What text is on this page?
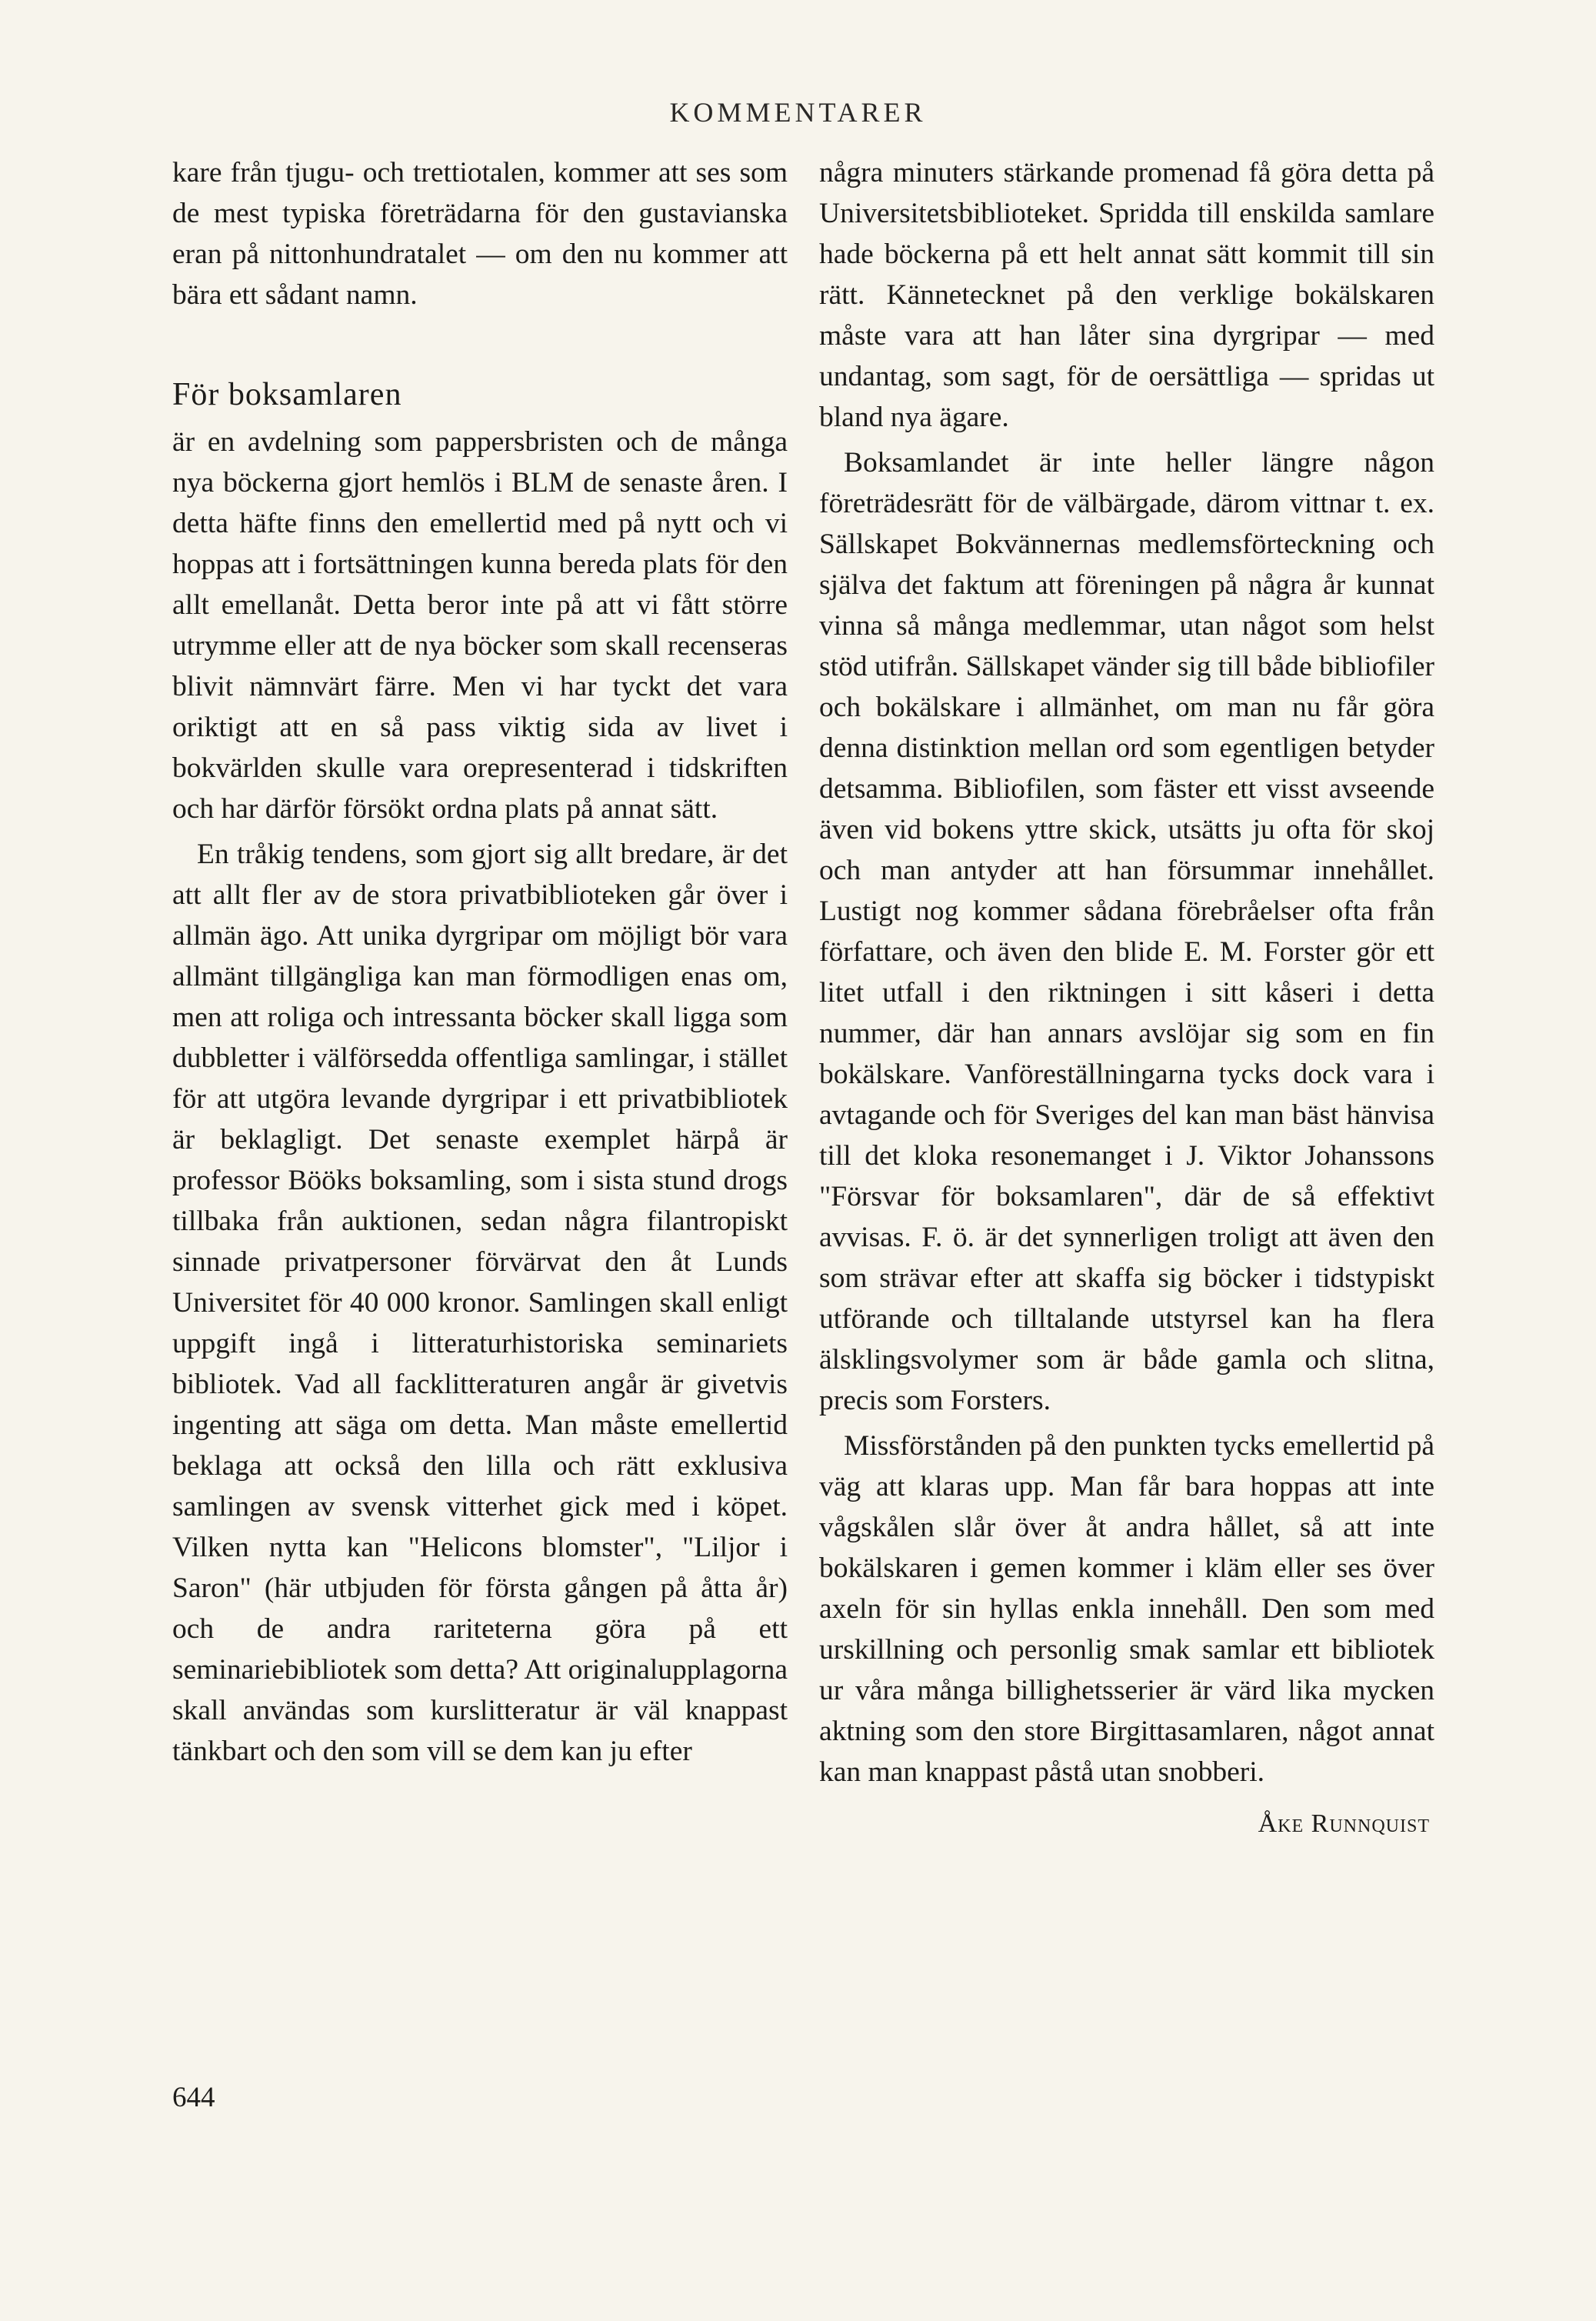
KOMMENTARER

kare från tjugu- och trettiotalen, kommer att ses som de mest typiska företrädarna för den gustavianska eran på nittonhundratalet — om den nu kommer att bära ett sådant namn.

För boksamlaren

är en avdelning som pappersbristen och de många nya böckerna gjort hemlös i BLM de senaste åren. I detta häfte finns den emellertid med på nytt och vi hoppas att i fortsättningen kunna bereda plats för den allt emellanåt. Detta beror inte på att vi fått större utrymme eller att de nya böcker som skall recenseras blivit nämnvärt färre. Men vi har tyckt det vara oriktigt att en så pass viktig sida av livet i bokvärlden skulle vara orepresenterad i tidskriften och har därför försökt ordna plats på annat sätt.

En tråkig tendens, som gjort sig allt bredare, är det att allt fler av de stora privatbiblioteken går över i allmän ägo. Att unika dyrgripar om möjligt bör vara allmänt tillgängliga kan man förmodligen enas om, men att roliga och intressanta böcker skall ligga som dubbletter i välförsedda offentliga samlingar, i stället för att utgöra levande dyrgripar i ett privatbibliotek är beklagligt. Det senaste exemplet härpå är professor Bööks boksamling, som i sista stund drogs tillbaka från auktionen, sedan några filantropiskt sinnade privatpersoner förvärvat den åt Lunds Universitet för 40 000 kronor. Samlingen skall enligt uppgift ingå i litteraturhistoriska seminariets bibliotek. Vad all facklitteraturen angår är givetvis ingenting att säga om detta. Man måste emellertid beklaga att också den lilla och rätt exklusiva samlingen av svensk vitterhet gick med i köpet. Vilken nytta kan "Helicons blomster", "Liljor i Saron" (här utbjuden för första gången på åtta år) och de andra rariteterna göra på ett seminariebibliotek som detta? Att originalupplagorna skall användas som kurslitteratur är väl knappast tänkbart och den som vill se dem kan ju efter

några minuters stärkande promenad få göra detta på Universitetsbiblioteket. Spridda till enskilda samlare hade böckerna på ett helt annat sätt kommit till sin rätt. Kännetecknet på den verklige bokälskaren måste vara att han låter sina dyrgripar — med undantag, som sagt, för de oersättliga — spridas ut bland nya ägare.

Boksamlandet är inte heller längre någon företrädesrätt för de välbärgade, därom vittnar t. ex. Sällskapet Bokvännernas medlemsförteckning och själva det faktum att föreningen på några år kunnat vinna så många medlemmar, utan något som helst stöd utifrån. Sällskapet vänder sig till både bibliofiler och bokälskare i allmänhet, om man nu får göra denna distinktion mellan ord som egentligen betyder detsamma. Bibliofilen, som fäster ett visst avseende även vid bokens yttre skick, utsätts ju ofta för skoj och man antyder att han försummar innehållet. Lustigt nog kommer sådana förebråelser ofta från författare, och även den blide E. M. Forster gör ett litet utfall i den riktningen i sitt kåseri i detta nummer, där han annars avslöjar sig som en fin bokälskare. Vanföreställningarna tycks dock vara i avtagande och för Sveriges del kan man bäst hänvisa till det kloka resonemanget i J. Viktor Johanssons "Försvar för boksamlaren", där de så effektivt avvisas. F. ö. är det synnerligen troligt att även den som strävar efter att skaffa sig böcker i tidstypiskt utförande och tilltalande utstyrsel kan ha flera älsklingsvolymer som är både gamla och slitna, precis som Forsters.

Missförstånden på den punkten tycks emellertid på väg att klaras upp. Man får bara hoppas att inte vågskålen slår över åt andra hållet, så att inte bokälskaren i gemen kommer i kläm eller ses över axeln för sin hyllas enkla innehåll. Den som med urskillning och personlig smak samlar ett bibliotek ur våra många billighetsserier är värd lika mycken aktning som den store Birgittasamlaren, något annat kan man knappast påstå utan snobberi.

Åke Runnquist
644
